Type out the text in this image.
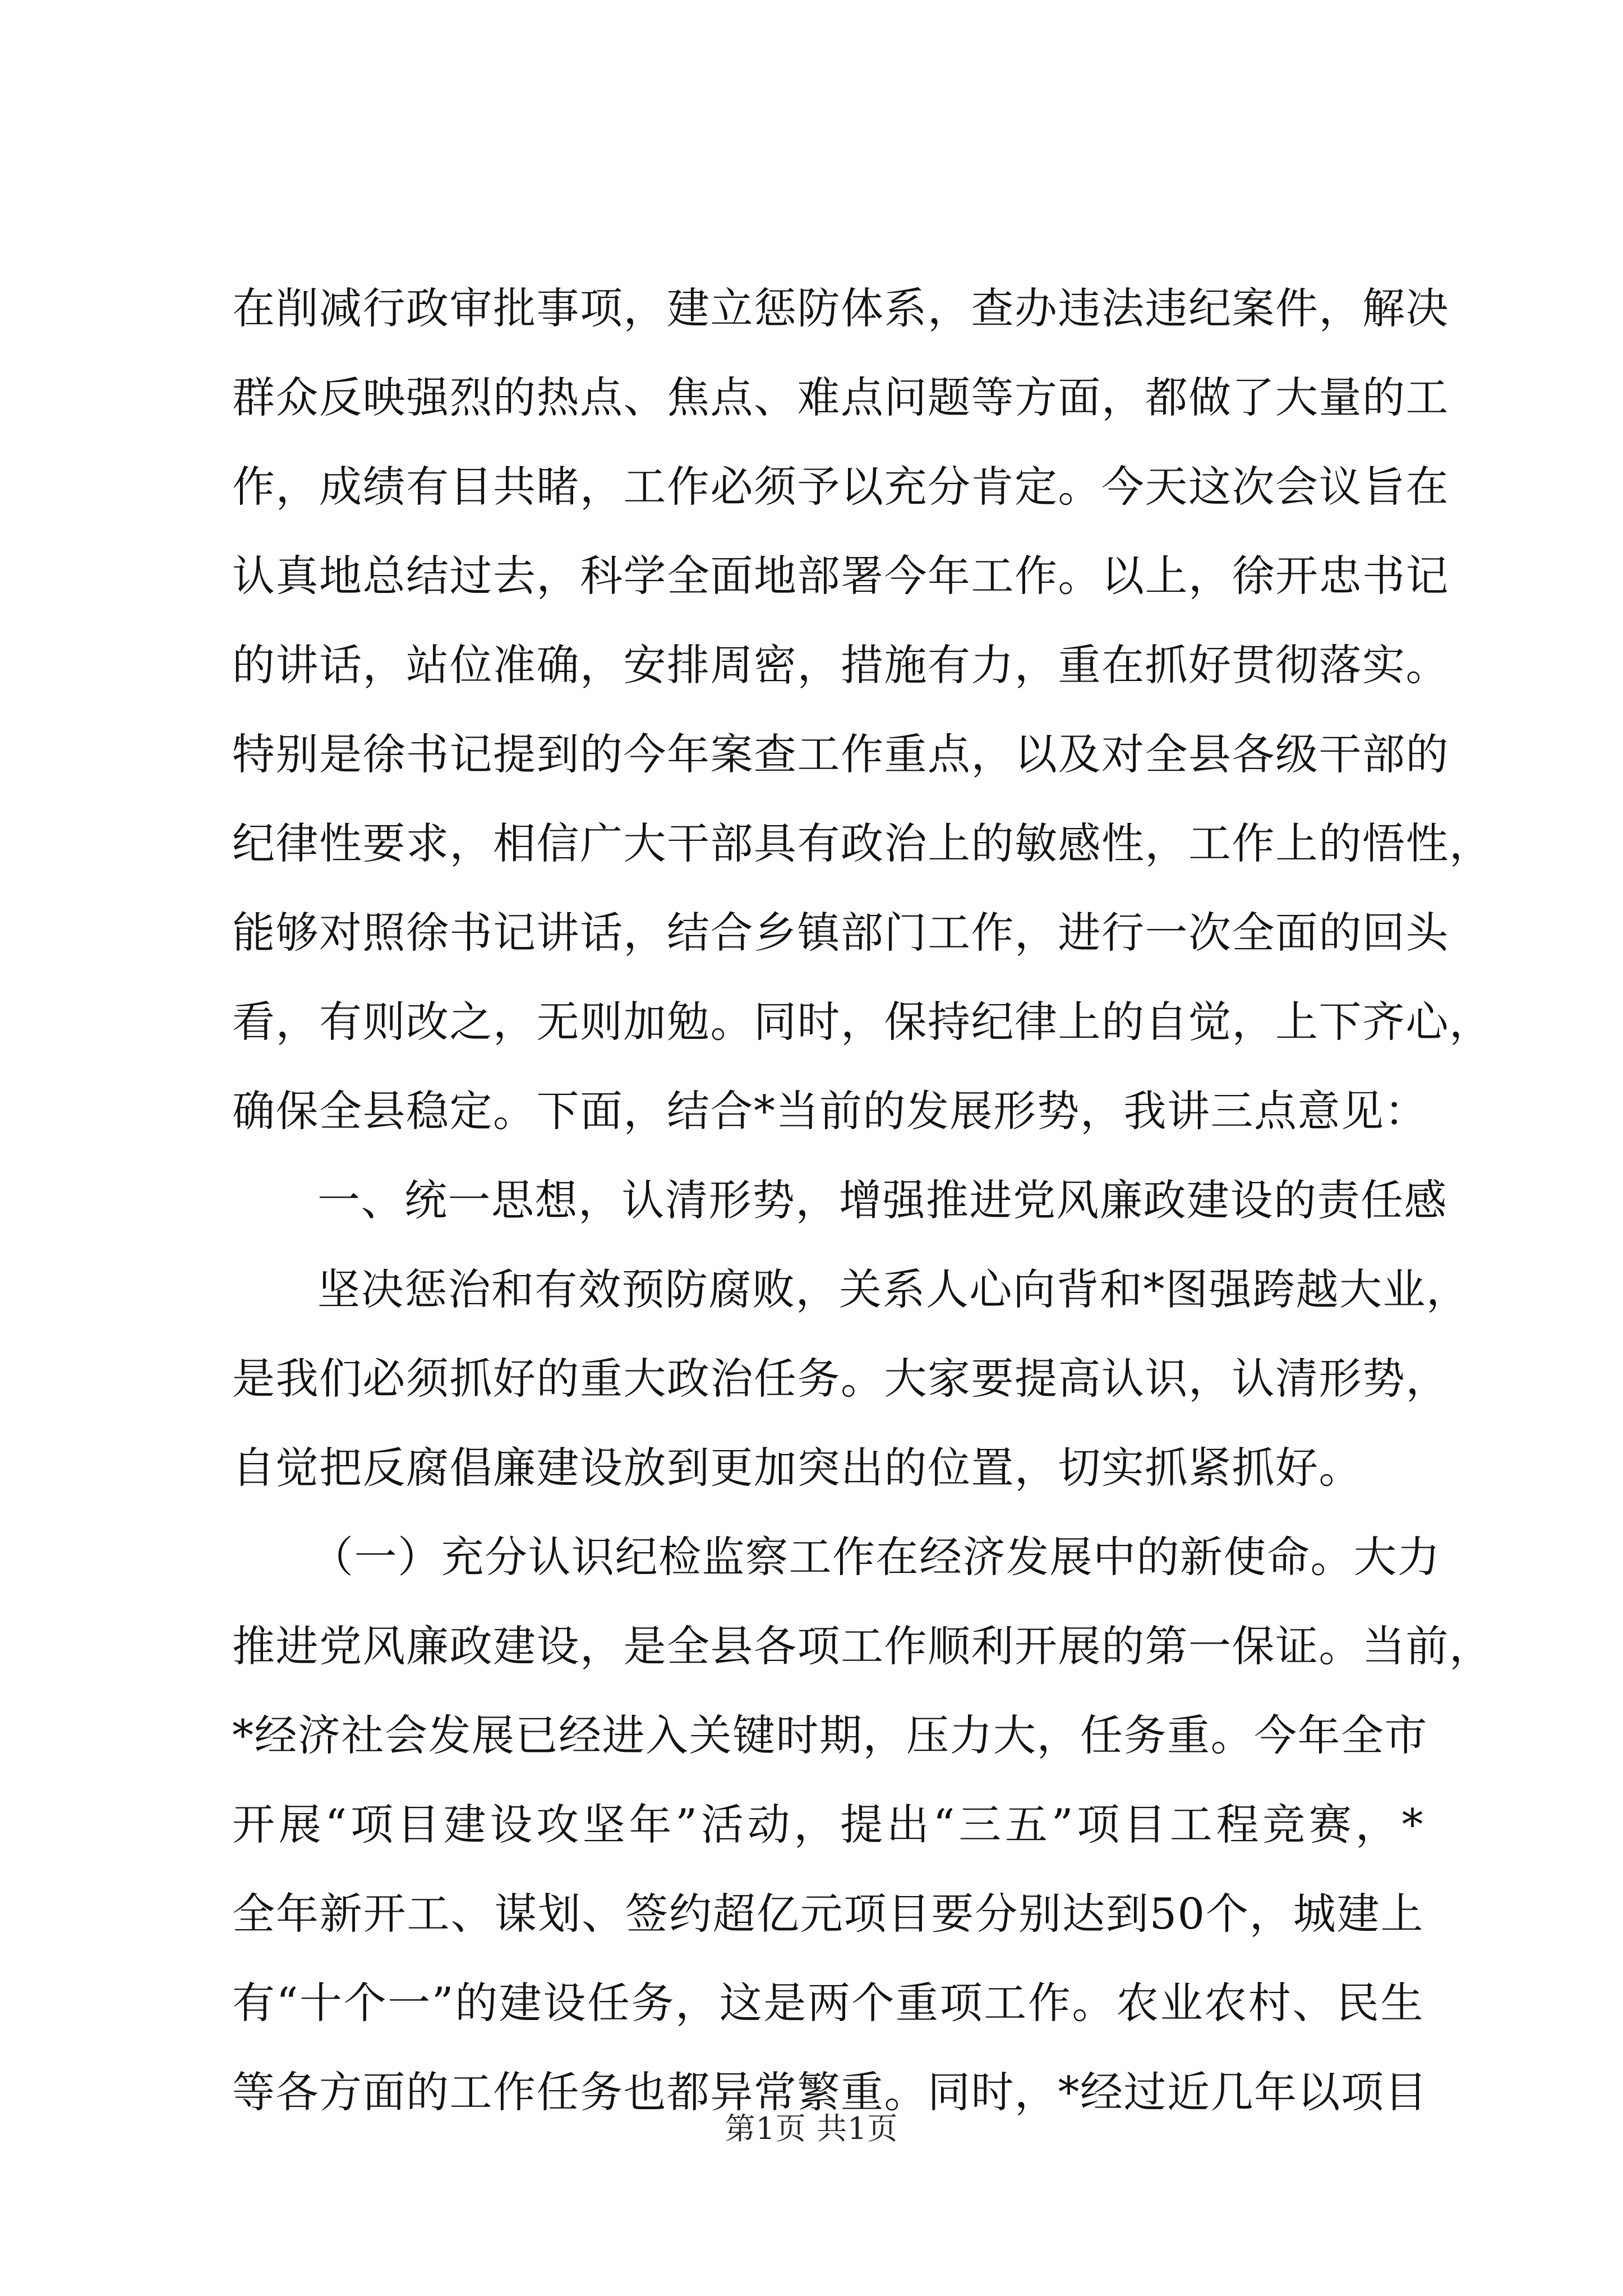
在削减行政审批事项，建立惩防体系，查办违法违纪案件，解决
群众反映强烈的热点、焦点、难点问题等方面，都做了大量的工
作，成绩有目共睹，工作必须予以充分肯定。今天这次会议旨在
认真地总结过去，科学全面地部署今年工作。以上，徐开忠书记
的讲话，站位准确，安排周密，措施有力，重在抓好贯彻落实。
特别是徐书记提到的今年案查工作重点，以及对全县各级干部的
纪律性要求，相信广大干部具有政治上的敏感性，工作上的悟性，
能够对照徐书记讲话，结合乡镇部门工作，进行一次全面的回头
看，有则改之，无则加勉。同时，保持纪律上的自觉，上下齐心，
确保全县稳定。下面，结合*当前的发展形势，我讲三点意见：
一、统一思想，认清形势，增强推进党风廉政建设的责任感
坚决惩治和有效预防腐败，关系人心向背和*图强跨越大业，
是我们必须抓好的重大政治任务。大家要提高认识，认清形势，
自觉把反腐倡廉建设放到更加突出的位置，切实抓紧抓好。
（一）充分认识纪检监察工作在经济发展中的新使命。大力
推进党风廉政建设，是全县各项工作顺利开展的第一保证。当前，
*经济社会发展已经进入关键时期，压力大，任务重。今年全市
开展“项目建设攻坚年”活动，提出“三五”项目工程竞赛，*
全年新开工、谋划、签约超亿元项目要分别达到50个，城建上
有“十个一”的建设任务，这是两个重项工作。农业农村、民生
等各方面的工作任务也都异常繁重。同时，*经过近几年以项目
第1页 共1页
